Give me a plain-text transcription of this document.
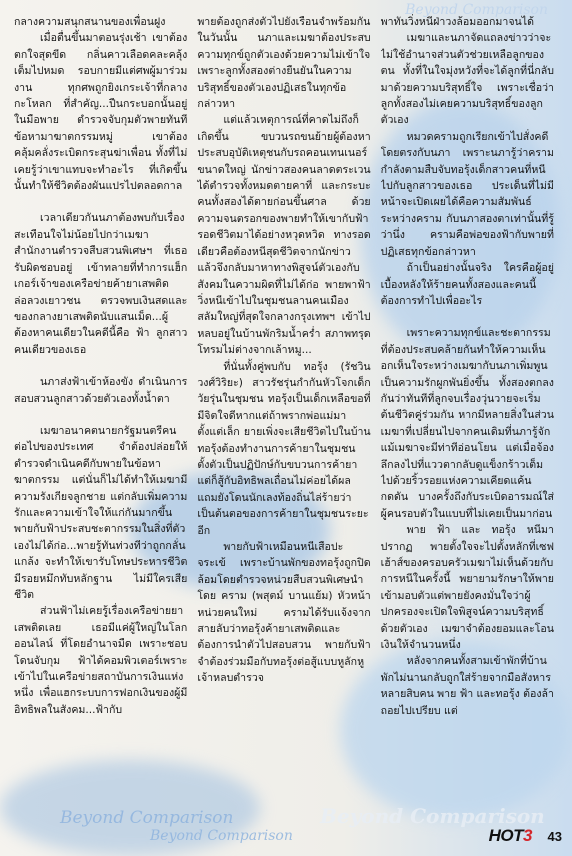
Beyond Comparison

กลางความสนุกสนานของเพื่อนฝูง

เมื่อตื่นขึ้นมาตอนรุ่งเช้า เขาต้องตกใจสุดขีด กลิ่นคาวเลือดคละคลุ้งเต็มไปหมด รอบกายมีแต่ศพผู้มาร่วมงาน ทุกศพถูกยิงเกระเจ้าที่กลางกะโหลก ที่สำคัญ...ปืนกระบอกนั้นอยู่ในมือพาย ตำรวจจับกุมตัวพายทันที ข้อหามาฆาตกรรมหมู่ เขาต้องคลุ้มคลั่งระเบิดกระสุนฆ่าเพื่อน ทั้งที่ไม่เคยรู้ว่าเขาแทบจะทำอะไร ที่เกิดขึ้นนั้นทำให้ชีวิตต้องผันแปรไปตลอดกาล

เวลาเดียวกันนภาต้องพบกับเรื่องสะเทือนใจไม่น้อยไปกว่าเมฆา สำนักงานตำรวจสืบสวนพิเศษฯ ที่เธอรับผิดชอบอยู่ เข้าทลายที่ทำการแฮ็กเกอร์เจ้าของเครือข่ายค้ายาเสพติด ล่อลวงเยาวชน ตรวจพบเงินสดและของกลางยาเสพติดนับแสนเม็ด...ผู้ต้องหาคนเดียวในคดีนี้คือ ฟ้า ลูกสาวคนเดียวของเธอ

นภาส่งฟ้าเข้าห้องขัง ดำเนินการสอบสวนลูกสาวด้วยตัวเองทั้งน้ำตา

เมฆาอนาคตนายกรัฐมนตรีคนต่อไปของประเทศ จำต้องปล่อยให้ตำรวจดำเนินคดีกับพายในข้อหาฆาตกรรม แต่นั่นก็ไม่ได้ทำให้เมฆามีความรังเกียจลูกชาย แต่กลับเพิ่มความรักและความเข้าใจให้แก่กันมากขึ้น พายกับฟ้าประสบชะตากรรมในสิ่งที่ตัวเองไม่ได้ก่อ...พายรู้ทันท่วงทีว่าถูกกลั่นแกล้ง จะทำให้เขารับโทษประหารชีวิต มีรอยหมึกทับหลักฐาน ไม่มีใครเสียชีวิต

ส่วนฟ้าไม่เคยรู้เรื่องเครือข่ายยาเสพติดเลย เธอมีแค่ผู้ใหญ่ในโลกออนไลน์ ที่โดยอำนาจมืด เพราะชอบโดนจับกุม ฟ้าได้คอมพิวเตอร์เพราะเข้าไปในเครือข่ายสถาบันการเงินแห่งหนึ่ง เพื่อแฮกระบบการฟอกเงินของผู้มีอิทธิพลในสังคม...ฟ้ากับ

พายต้องถูกส่งตัวไปยังเรือนจำพร้อมกัน ในวันนั้น นภาและเมฆาต้องประสบความทุกข์ถูกตัวเองด้วยความไม่เข้าใจ เพราะลูกทั้งสองต่างยืนยันในความบริสุทธิ์ของตัวเองปฏิเสธในทุกข้อกล่าวหา

แต่แล้วเหตุการณ์ที่คาดไม่ถึงก็เกิดขึ้น ขบวนรถขนย้ายผู้ต้องหาประสบอุบัติเหตุชนกับรถคอนเทนเนอร์ขนาดใหญ่ นักข่าวสองคนลาดตระเวนได้ตำรวจทั้งหมดตายคาที่ และกระบะคนทั้งสองได้ตายก่อนขึ้นศาล ด้วยความจนตรอกของพายทำให้เขากับฟ้ารอดชีวิตมาได้อย่างหวุดหวิด ทางรอดเดียวคือต้องหนีสุดชีวิตจากนักข่าว แล้วจึงกลับมาหาทางพิสูจน์ตัวเองกับสังคมในความผิดที่ไม่ได้ก่อ พายพาฟ้าวิ่งหนีเข้าไปในชุมชนลานคนเมือง สลัมใหญ่ที่สุดใจกลางกรุงเทพฯ เข้าไปหลบอยู่ในบ้านพักริมน้ำคร่ำ สภาพทรุดโทรมไม่ต่างจากเล้าหมู...

ที่นั่นทั้งคู่พบกับ ทอรุ้ง (รัชวิน วงศ์วิริยะ) สาวรัชรุ่นกำกันหัวโจกเด็กวัยรุ่นในชุมชน ทอรุ้งเป็นเด็กเหลือขอที่มีจิตใจดีหากแต่ถ้าพรากพ่อแม่มาตั้งแต่เล็ก ยายเพิ่งจะเสียชีวิตไปในบ้าน ทอรุ้งต้องทำงานการค้ายาในชุมชน ตั้งตัวเป็นปฏิปักษ์กับขบวนการค้ายา แต่ก็สู้กับอิทธิพลเถื่อนไม่ค่อยได้ผล แถมยังโดนนักเลงท้องถิ่นไล่ร้ายว่าเป็นต้นตอของการค้ายาในชุมชนระยะอีก

พายกับฟ้าเหมือนหนีเสือปะจระเข้ เพราะบ้านพักของทอรุ้งถูกปิดล้อมโดยตำรวจหน่วยสืบสวนพิเศษนำโดย คราม (พสุตม์ บานแย้ม) หัวหน้าหน่วยคนใหม่ ครามได้รับแจ้งจากสายลับว่าทอรุ้งค้ายาเสพติดและต้องการนำตัวไปสอบสวน พายกับฟ้าจำต้องร่วมมือกับทอรุ้งต่อสู้แบบหูลักหูเจ้าหลบตำรวจ

พาทันวิ่งหนีฝ่าวงล้อมออกมาจนได้

เมฆาและนภาจัดแถลงข่าวว่าจะไม่ใช้อำนาจส่วนตัวช่วยเหลือลูกของตน ทั้งที่ในใจมุ่งหวังที่จะได้ลูกที่นี่กลับมาด้วยความบริสุทธิ์ใจ เพราะเชื่อว่าลูกทั้งสองไม่เคยความบริสุทธิ์ของลูกตัวเอง

หมวดครามถูกเรียกเข้าไปสั่งคดีโดยตรงกับนภา เพราะนภารู้ว่าครามกำลังตามสืบจับทอรุ้งเด็กสาวคนที่หนีไปกับลูกสาวของเธอ ประเด็นที่ไม่มีหน้าจะเปิดเผยได้คือความสัมพันธ์ระหว่างคราม กับนภาสองตาเท่านั้นที่รู้ว่านึ่ง ครามคือพ่อของฟ้ากับพายที่ปฏิเสธทุกข้อกล่าวหา

ถ้าเป็นอย่างนั้นจริง ใครคือผู้อยู่เบื้องหลังให้ร้ายคนทั้งสองและคนนี้ต้องการทำไปเพื่ออะไร

เพราะความทุกข์และชะตากรรมที่ต้องประสบคล้ายกันทำให้ความเห็นอกเห็นใจระหว่างเมฆากับนภาเพิ่มพูนเป็นความรักผูกพันยิ่งขึ้น ทั้งสองตกลงกันว่าทันทีที่ลูกจบเรื่องวุ่นวายจะเริ่มต้นชีวิตคู่ร่วมกัน หากมีหลายสิ่งในส่วนเมฆาที่เปลี่ยนไปจากคนเดิมที่นภารู้จัก แม้เมฆาจะมีท่าทีอ่อนโยน แต่เมื่อจ้องลึกลงไปที่แววตากลับดูแข็งกร้าวเต็มไปด้วยริ้วรอยแห่งความเคียดแค้นกดดัน บางครั้งถึงกับระเบิดอารมณ์ใส่ผู้คนรอบตัวในแบบที่ไม่เคยเป็นมาก่อน

พาย ฟ้า และ ทอรุ้ง หนีมาปรากฏ พายตั้งใจจะไปตั้งหลักที่เซฟเฮ้าส์ของครอบครัวเมฆาไม่เห็นด้วยกับการหนีในครั้งนี้ พยายามรักษาให้พายเข้ามอบตัวแต่พายยังคงมั่นใจว่าผู้ปกครองจะเปิดใจพิสูจน์ความบริสุทธิ์ด้วยตัวเอง เมฆาจำต้องยอมและโอนเงินให้จำนวนหนึ่ง

หลังจากคนทั้งสามเข้าพักที่บ้านพักไม่นานกลับถูกใส่ร้ายจากมือสังหารหลายสิบคน พาย ฟ้า และทอรุ้ง ต้องล้าถอยไปเปรียบ แต่

Beyond Comparison
Beyond Comparison
Beyond Comparison
HOT3 43
